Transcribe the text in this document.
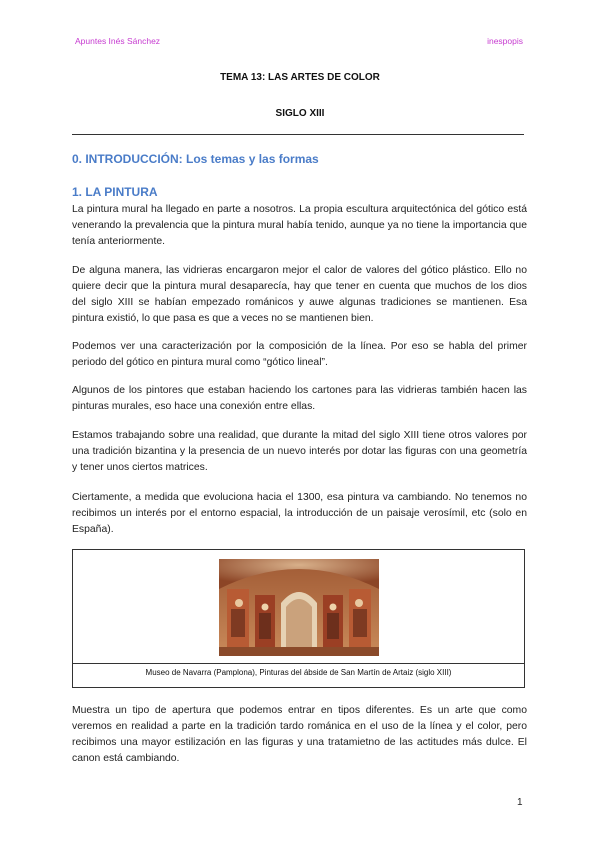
Apuntes Inés Sánchez	inespopis
TEMA 13: LAS ARTES DE COLOR
SIGLO XIII
0. INTRODUCCIÓN: Los temas y las formas
1. LA PINTURA
La pintura mural ha llegado en parte a nosotros. La propia escultura arquitectónica del gótico está venerando la prevalencia que la pintura mural había tenido, aunque ya no tiene la importancia que tenía anteriormente.
De alguna manera, las vidrieras encargaron mejor el calor de valores del gótico plástico. Ello no quiere decir que la pintura mural desaparecía, hay que tener en cuenta que muchos de los dios del siglo XIII se habían empezado románicos y auwe algunas tradiciones se mantienen. Esa pintura existió, lo que pasa es que a veces no se mantienen bien.
Podemos ver una caracterización por la composición de la línea. Por eso se habla del primer periodo del gótico en pintura mural como “gótico lineal”.
Algunos de los pintores que estaban haciendo los cartones para las vidrieras también hacen las pinturas murales, eso hace una conexión entre ellas.
Estamos trabajando sobre una realidad, que durante la mitad del siglo XIII tiene otros valores por una tradición bizantina y la presencia de un nuevo interés por dotar las figuras con una geometría y tener unos ciertos matrices.
Ciertamente, a medida que evoluciona hacia el 1300, esa pintura va cambiando. No tenemos no recibimos un interés por el entorno espacial, la introducción de un paisaje verosímil, etc (solo en España).
Museo de Navarra (Pamplona), Pinturas del ábside de San Martín de Artaiz (siglo XIII)
Muestra un tipo de apertura que podemos entrar en tipos diferentes. Es un arte que como veremos en realidad a parte en la tradición tardo románica en el uso de la línea y el color, pero recibimos una mayor estilización en las figuras y una tratamietno de las actitudes más dulce. El canon está cambiando.
1
